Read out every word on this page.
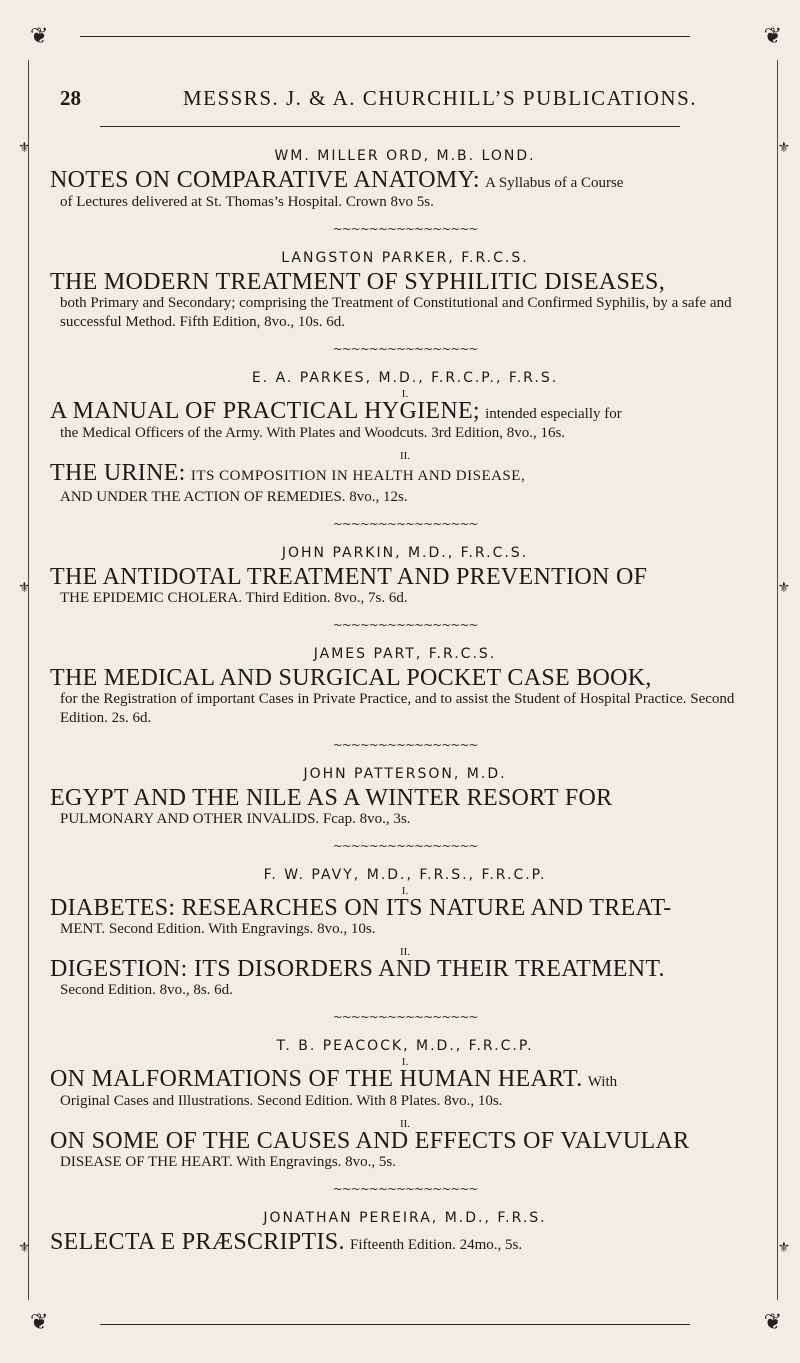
❦	❦
❦	❦
⚜	⚜
⚜	⚜
⚜	⚜
28	MESSRS. J. & A. CHURCHILL’S PUBLICATIONS.
WM. MILLER ORD, M.B. LOND.
NOTES ON COMPARATIVE ANATOMY: A Syllabus of a Course
of Lectures delivered at St. Thomas’s Hospital. Crown 8vo 5s.
~~~~~~~~~~~~~~~~
LANGSTON PARKER, F.R.C.S.
THE MODERN TREATMENT OF SYPHILITIC DISEASES,
both Primary and Secondary; comprising the Treatment of Constitutional and Confirmed Syphilis, by a safe and successful Method. Fifth Edition, 8vo., 10s. 6d.
~~~~~~~~~~~~~~~~
E. A. PARKES, M.D., F.R.C.P., F.R.S.
I.
A MANUAL OF PRACTICAL HYGIENE; intended especially for
the Medical Officers of the Army. With Plates and Woodcuts. 3rd Edition, 8vo., 16s.
II.
THE URINE: ITS COMPOSITION IN HEALTH AND DISEASE,
AND UNDER THE ACTION OF REMEDIES. 8vo., 12s.
~~~~~~~~~~~~~~~~
JOHN PARKIN, M.D., F.R.C.S.
THE ANTIDOTAL TREATMENT AND PREVENTION OF
THE EPIDEMIC CHOLERA. Third Edition. 8vo., 7s. 6d.
~~~~~~~~~~~~~~~~
JAMES PART, F.R.C.S.
THE MEDICAL AND SURGICAL POCKET CASE BOOK,
for the Registration of important Cases in Private Practice, and to assist the Student of Hospital Practice. Second Edition. 2s. 6d.
~~~~~~~~~~~~~~~~
JOHN PATTERSON, M.D.
EGYPT AND THE NILE AS A WINTER RESORT FOR
PULMONARY AND OTHER INVALIDS. Fcap. 8vo., 3s.
~~~~~~~~~~~~~~~~
F. W. PAVY, M.D., F.R.S., F.R.C.P.
I.
DIABETES: RESEARCHES ON ITS NATURE AND TREAT-
MENT. Second Edition. With Engravings. 8vo., 10s.
II.
DIGESTION: ITS DISORDERS AND THEIR TREATMENT.
Second Edition. 8vo., 8s. 6d.
~~~~~~~~~~~~~~~~
T. B. PEACOCK, M.D., F.R.C.P.
I.
ON MALFORMATIONS OF THE HUMAN HEART. With
Original Cases and Illustrations. Second Edition. With 8 Plates. 8vo., 10s.
II.
ON SOME OF THE CAUSES AND EFFECTS OF VALVULAR
DISEASE OF THE HEART. With Engravings. 8vo., 5s.
~~~~~~~~~~~~~~~~
JONATHAN PEREIRA, M.D., F.R.S.
SELECTA E PRÆSCRIPTIS. Fifteenth Edition. 24mo., 5s.
